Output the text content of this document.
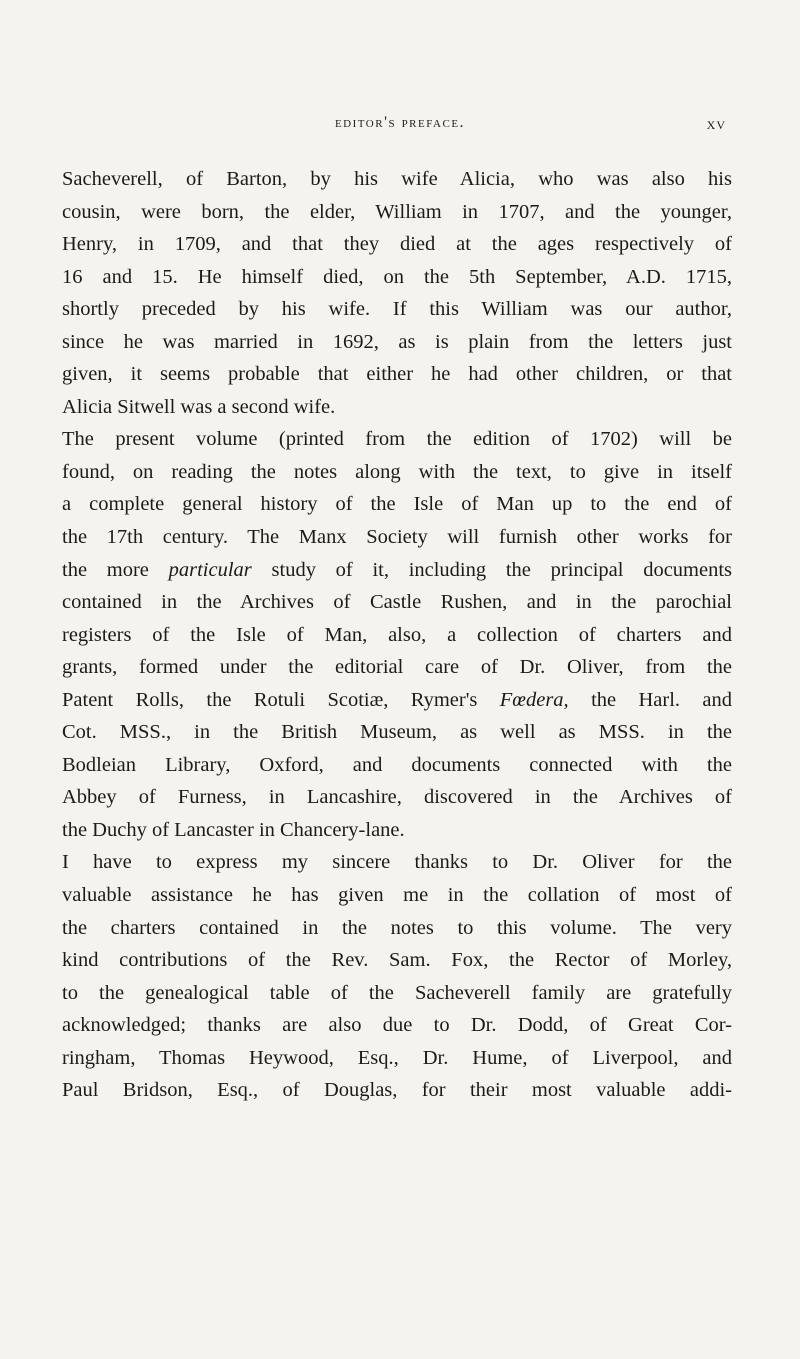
editor's preface.	xv

Sacheverell, of Barton, by his wife Alicia, who was also his
cousin, were born, the elder, William in 1707, and the younger,
Henry, in 1709, and that they died at the ages respectively of
16 and 15. He himself died, on the 5th September, A.D. 1715,
shortly preceded by his wife. If this William was our author,
since he was married in 1692, as is plain from the letters just
given, it seems probable that either he had other children, or that
Alicia Sitwell was a second wife.

The present volume (printed from the edition of 1702) will be
found, on reading the notes along with the text, to give in itself
a complete general history of the Isle of Man up to the end of
the 17th century. The Manx Society will furnish other works for
the more particular study of it, including the principal documents
contained in the Archives of Castle Rushen, and in the parochial
registers of the Isle of Man, also, a collection of charters and
grants, formed under the editorial care of Dr. Oliver, from the
Patent Rolls, the Rotuli Scotiæ, Rymer's Fœdera, the Harl. and
Cot. MSS., in the British Museum, as well as MSS. in the
Bodleian Library, Oxford, and documents connected with the
Abbey of Furness, in Lancashire, discovered in the Archives of
the Duchy of Lancaster in Chancery-lane.

I have to express my sincere thanks to Dr. Oliver for the
valuable assistance he has given me in the collation of most of
the charters contained in the notes to this volume. The very
kind contributions of the Rev. Sam. Fox, the Rector of Morley,
to the genealogical table of the Sacheverell family are gratefully
acknowledged; thanks are also due to Dr. Dodd, of Great Cor-
ringham, Thomas Heywood, Esq., Dr. Hume, of Liverpool, and
Paul Bridson, Esq., of Douglas, for their most valuable addi-
